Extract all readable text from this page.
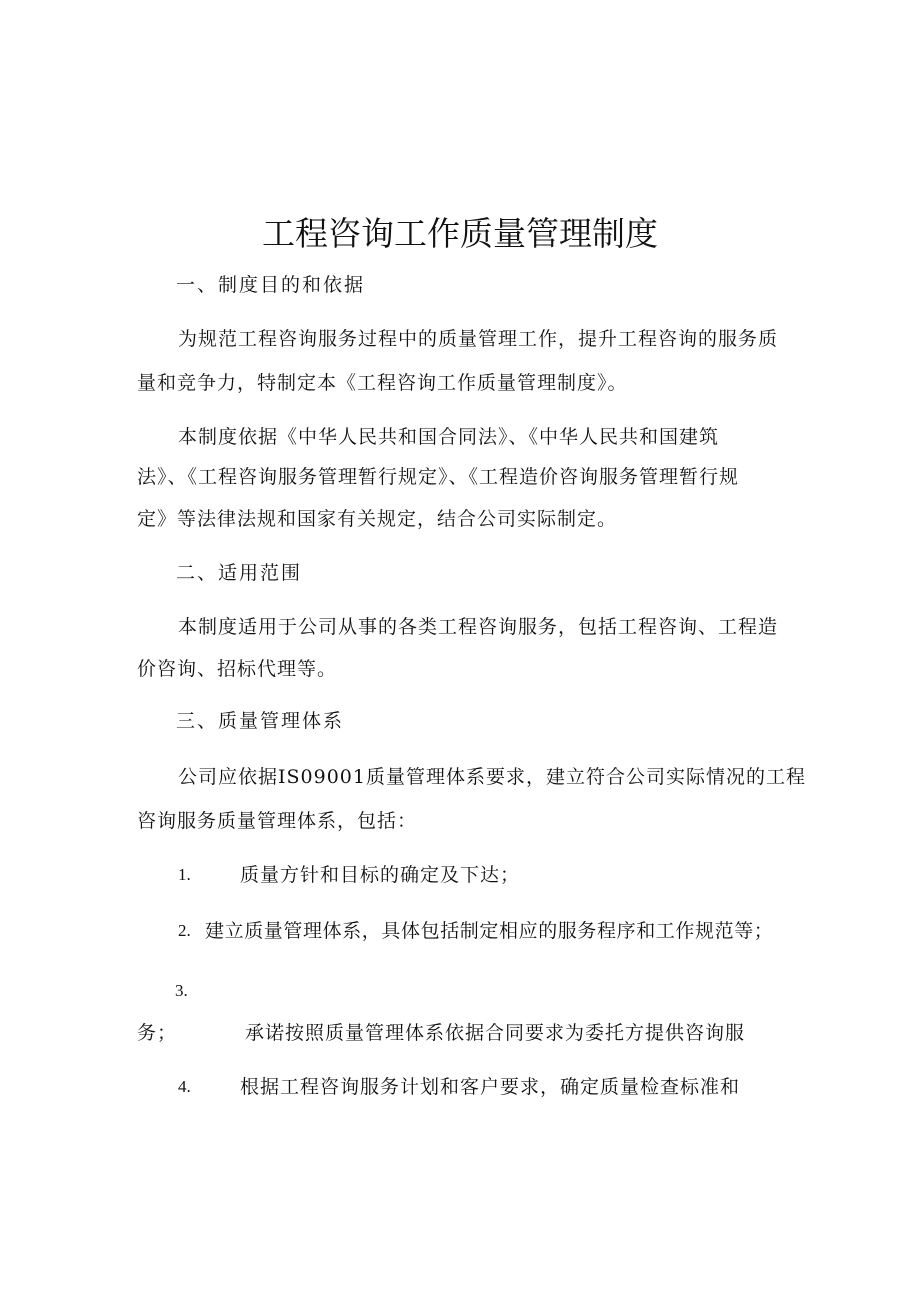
工程咨询工作质量管理制度
一、制度目的和依据
为规范工程咨询服务过程中的质量管理工作，提升工程咨询的服务质
量和竞争力，特制定本《工程咨询工作质量管理制度》。
本制度依据《中华人民共和国合同法》、《中华人民共和国建筑
法》、《工程咨询服务管理暂行规定》、《工程造价咨询服务管理暂行规
定》等法律法规和国家有关规定，结合公司实际制定。
二、适用范围
本制度适用于公司从事的各类工程咨询服务，包括工程咨询、工程造
价咨询、招标代理等。
三、质量管理体系
公司应依据IS09001质量管理体系要求，建立符合公司实际情况的工程
咨询服务质量管理体系，包括：
1.	质量方针和目标的确定及下达；
2. 建立质量管理体系，具体包括制定相应的服务程序和工作规范等；
3.
务；	承诺按照质量管理体系依据合同要求为委托方提供咨询服
4.	根据工程咨询服务计划和客户要求，确定质量检查标准和
